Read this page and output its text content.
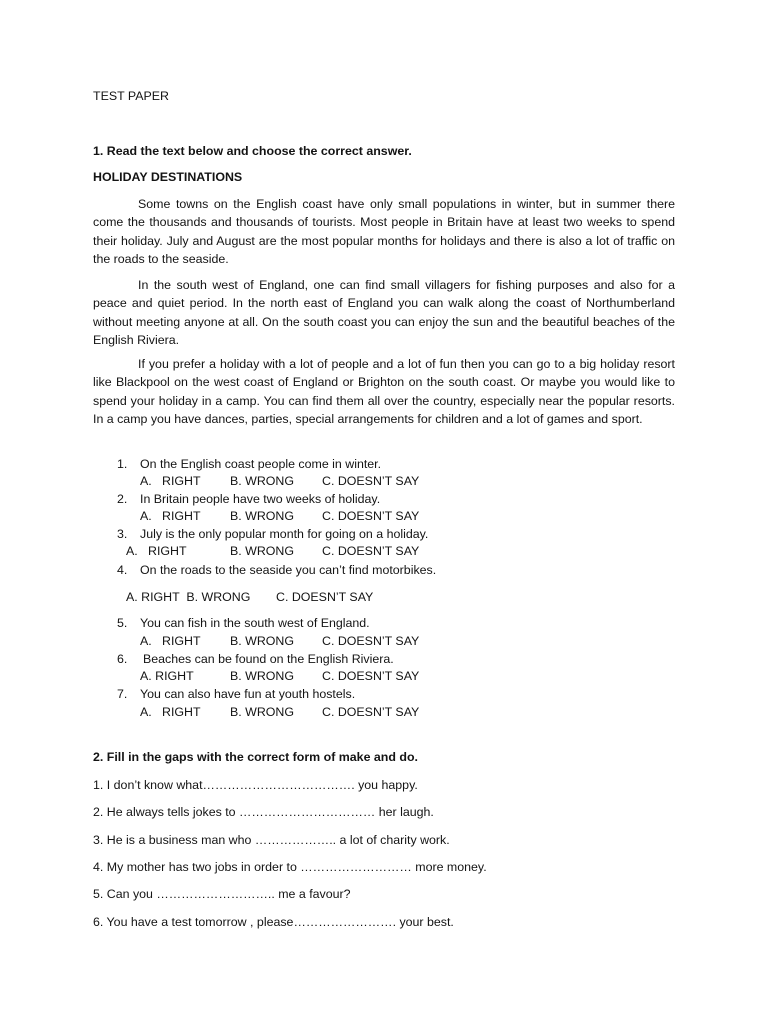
TEST PAPER
1. Read the text below and choose the correct answer.
HOLIDAY DESTINATIONS
Some towns on the English coast have only small populations in winter, but in summer there come the thousands and thousands of tourists. Most people in Britain have at least two weeks to spend their holiday. July and August are the most popular months for holidays and there is also a lot of traffic on the roads to the seaside.
In the south west of England, one can find small villagers for fishing purposes and also for a peace and quiet period. In the north east of England you can walk along the coast of Northumberland without meeting anyone at all. On the south coast you can enjoy the sun and the beautiful beaches of the English Riviera.
If you prefer a holiday with a lot of people and a lot of fun then you can go to a big holiday resort like Blackpool on the west coast of England or Brighton on the south coast. Or maybe you would like to spend your holiday in a camp. You can find them all over the country, especially near the popular resorts. In a camp you have dances, parties, special arrangements for children and a lot of games and sport.
1. On the English coast people come in winter.
A. RIGHT B. WRONG C. DOESN’T SAY
2. In Britain people have two weeks of holiday.
A. RIGHT B. WRONG C. DOESN’T SAY
3. July is the only popular month for going on a holiday.
A. RIGHT	B. WRONG C. DOESN’T SAY
4. On the roads to the seaside you can’t find motorbikes.
A. RIGHT  B. WRONG C. DOESN’T SAY
5. You can fish in the south west of England.
A. RIGHT B. WRONG C. DOESN’T SAY
6. Beaches can be found on the English Riviera.
A. RIGHT	B. WRONG C. DOESN’T SAY
7. You can also have fun at youth hostels.
A. RIGHT B. WRONG C. DOESN’T SAY
2. Fill in the gaps with the correct form of make and do.
1. I don’t know what………………………………. you happy.
2. He always tells jokes to …………………………… her laugh.
3. He is a business man who ……………….. a lot of charity work.
4. My mother has two jobs in order to ……………………… more money.
5. Can you ……………………….. me a favour?
6. You have a test tomorrow , please……………………. your best.
